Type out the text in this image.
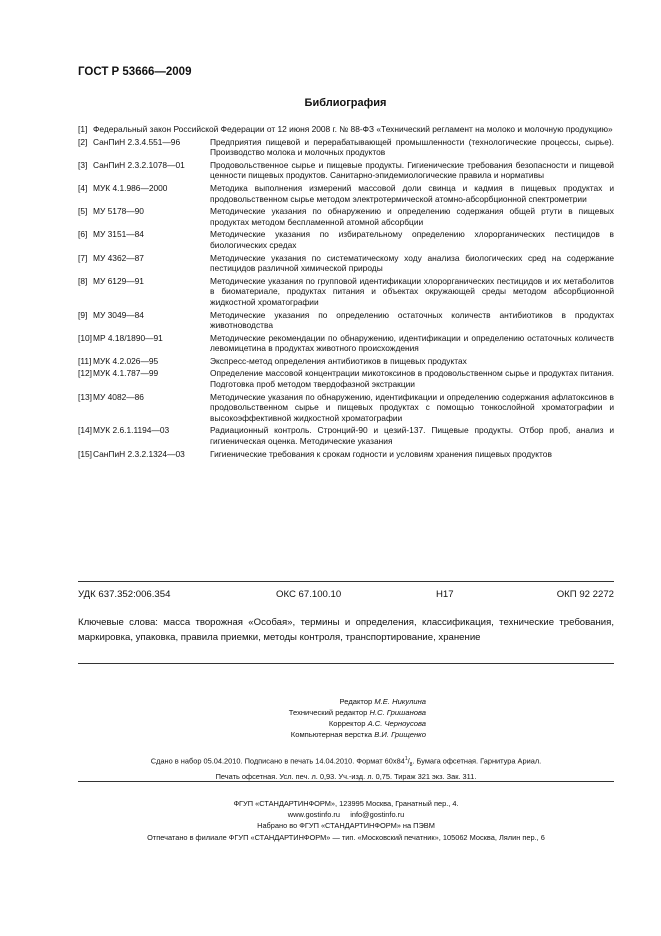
ГОСТ Р 53666—2009
Библиография
[1] Федеральный закон Российской Федерации от 12 июня 2008 г. № 88-ФЗ «Технический регламент на молоко и молочную продукцию»
[2] СанПиН 2.3.4.551—96	Предприятия пищевой и перерабатывающей промышленности (технологические процессы, сырье). Производство молока и молочных продуктов
[3] СанПиН 2.3.2.1078—01	Продовольственное сырье и пищевые продукты. Гигиенические требования безопасности и пищевой ценности пищевых продуктов. Санитарно-эпидемиологические правила и нормативы
[4] МУК 4.1.986—2000	Методика выполнения измерений массовой доли свинца и кадмия в пищевых продуктах и продовольственном сырье методом электротермической атомно-абсорбционной спектрометрии
[5] МУ 5178—90	Методические указания по обнаружению и определению содержания общей ртути в пищевых продуктах методом беспламенной атомной абсорбции
[6] МУ 3151—84	Методические указания по избирательному определению хлорорганических пестицидов в биологических средах
[7] МУ 4362—87	Методические указания по систематическому ходу анализа биологических сред на содержание пестицидов различной химической природы
[8] МУ 6129—91	Методические указания по групповой идентификации хлорорганических пестицидов и их метаболитов в биоматериале, продуктах питания и объектах окружающей среды методом абсорбционной жидкостной хроматографии
[9] МУ 3049—84	Методические указания по определению остаточных количеств антибиотиков в продуктах животноводства
[10] МР 4.18/1890—91	Методические рекомендации по обнаружению, идентификации и определению остаточных количеств левомицетина в продуктах животного происхождения
[11] МУК 4.2.026—95	Экспресс-метод определения антибиотиков в пищевых продуктах
[12] МУК 4.1.787—99	Определение массовой концентрации микотоксинов в продовольственном сырье и продуктах питания. Подготовка проб методом твердофазной экстракции
[13] МУ 4082—86	Методические указания по обнаружению, идентификации и определению содержания афлатоксинов в продовольственном сырье и пищевых продуктах с помощью тонкослойной хроматографии и высокоэффективной жидкостной хроматографии
[14] МУК 2.6.1.1194—03	Радиационный контроль. Стронций-90 и цезий-137. Пищевые продукты. Отбор проб, анализ и гигиеническая оценка. Методические указания
[15] СанПиН 2.3.2.1324—03	Гигиенические требования к срокам годности и условиям хранения пищевых продуктов
УДК 637.352:006.354	ОКС 67.100.10	Н17	ОКП 92 2272
Ключевые слова: масса творожная «Особая», термины и определения, классификация, технические требования, маркировка, упаковка, правила приемки, методы контроля, транспортирование, хранение
Редактор М.Е. Никулина
Технический редактор Н.С. Гришанова
Корректор А.С. Черноусова
Компьютерная верстка В.И. Грищенко
Сдано в набор 05.04.2010. Подписано в печать 14.04.2010. Формат $60x84^1/_8$. Бумага офсетная. Гарнитура Ариал.
Печать офсетная. Усл. печ. л. 0,93. Уч.-изд. л. 0,75. Тираж 321 экз. Зак. 311.
ФГУП «СТАНДАРТИНФОРМ», 123995 Москва, Гранатный пер., 4.
www.gostinfo.ru info@gostinfo.ru
Набрано во ФГУП «СТАНДАРТИНФОРМ» на ПЭВМ
Отпечатано в филиале ФГУП «СТАНДАРТИНФОРМ» — тип. «Московский печатник», 105062 Москва, Лялин пер., 6
